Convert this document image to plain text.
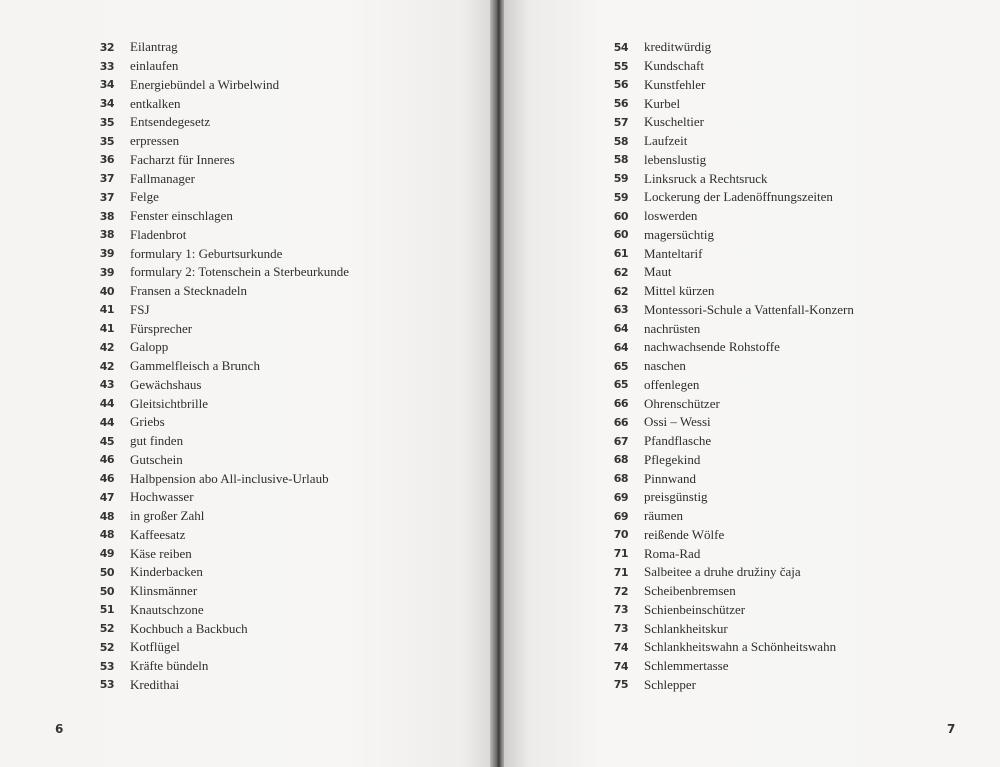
32 Eilantrag
33 einlaufen
34 Energiebündel a Wirbelwind
34 entkalken
35 Entsendegesetz
35 erpressen
36 Facharzt für Inneres
37 Fallmanager
37 Felge
38 Fenster einschlagen
38 Fladenbrot
39 formulary 1: Geburtsurkunde
39 formulary 2: Totenschein a Sterbeurkunde
40 Fransen a Stecknadeln
41 FSJ
41 Fürsprecher
42 Galopp
42 Gammelfleisch a Brunch
43 Gewächshaus
44 Gleitsichtbrille
44 Griebs
45 gut finden
46 Gutschein
46 Halbpension abo All-inclusive-Urlaub
47 Hochwasser
48 in großer Zahl
48 Kaffeesatz
49 Käse reiben
50 Kinderbacken
50 Klinsmänner
51 Knautschzone
52 Kochbuch a Backbuch
52 Kotflügel
53 Kräfte bündeln
53 Kredithai
6
54 kreditwürdig
55 Kundschaft
56 Kunstfehler
56 Kurbel
57 Kuscheltier
58 Laufzeit
58 lebenslustig
59 Linksruck a Rechtsruck
59 Lockerung der Ladenöffnungszeiten
60 loswerden
60 magersüchtig
61 Manteltarif
62 Maut
62 Mittel kürzen
63 Montessori-Schule a Vattenfall-Konzern
64 nachrüsten
64 nachwachsende Rohstoffe
65 naschen
65 offenlegen
66 Ohrenschützer
66 Ossi – Wessi
67 Pfandflasche
68 Pflegekind
68 Pinnwand
69 preisgünstig
69 räumen
70 reißende Wölfe
71 Roma-Rad
71 Salbeitee a druhe družiny čaja
72 Scheibenbremsen
73 Schienbeinschützer
73 Schlankheitskur
74 Schlankheitswahn a Schönheitswahn
74 Schlemmertasse
75 Schlepper
7
